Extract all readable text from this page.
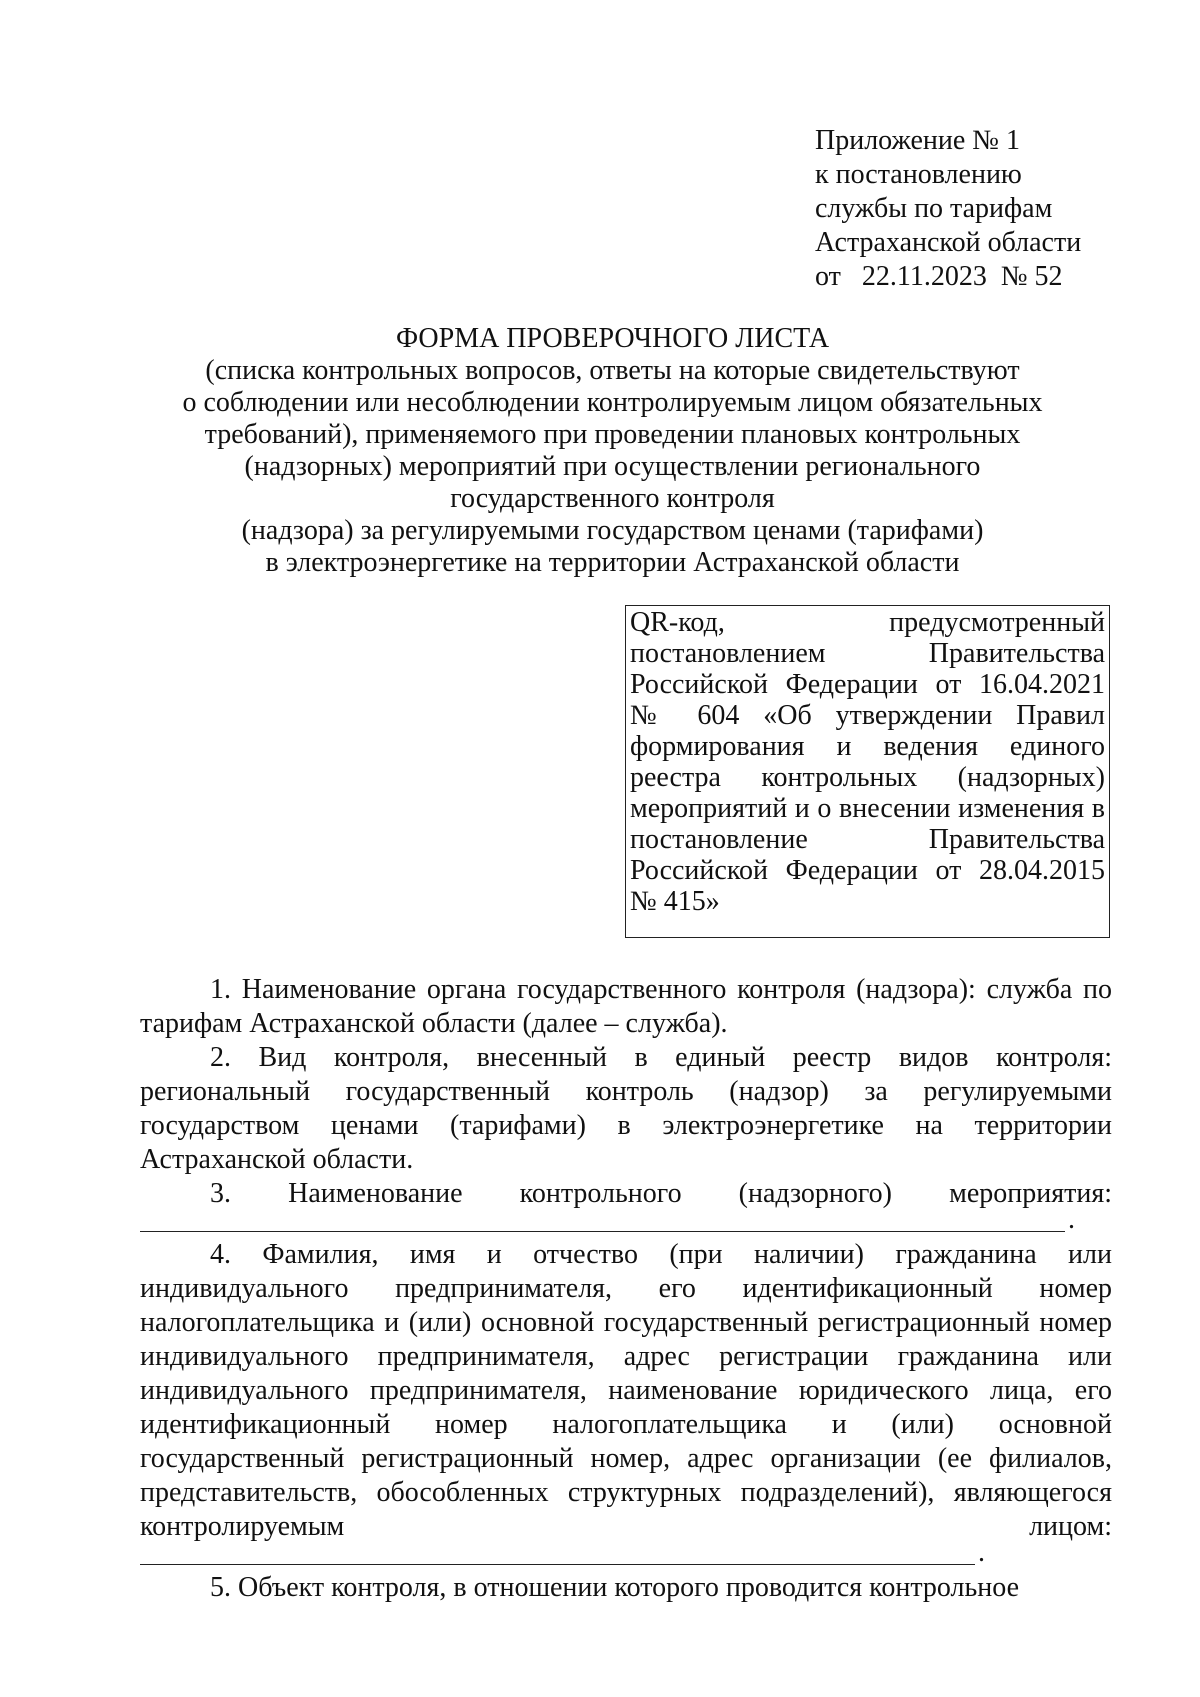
Приложение № 1
к постановлению
службы по тарифам
Астраханской области
от   22.11.2023  № 52
ФОРМА ПРОВЕРОЧНОГО ЛИСТА
(списка контрольных вопросов, ответы на которые свидетельствуют
о соблюдении или несоблюдении контролируемым лицом обязательных
требований), применяемого при проведении плановых контрольных
(надзорных) мероприятий при осуществлении регионального
государственного контроля
(надзора) за регулируемыми государством ценами (тарифами)
в электроэнергетике на территории Астраханской области
QR-код, предусмотренный
постановлением Правительства
Российской Федерации от 16.04.2021
№ 604 «Об утверждении Правил
формирования и ведения единого
реестра контрольных (надзорных)
мероприятий и о внесении изменения в
постановление Правительства
Российской Федерации от 28.04.2015
№ 415»

1. Наименование органа государственного контроля (надзора): служба по тарифам Астраханской области (далее – служба).

2. Вид контроля, внесенный в единый реестр видов контроля: региональный государственный контроль (надзор) за регулируемыми государством ценами (тарифами) в электроэнергетике на территории Астраханской области.

3. Наименование контрольного (надзорного) мероприятия:

.

4. Фамилия, имя и отчество (при наличии) гражданина или индивидуального предпринимателя, его идентификационный номер налогоплательщика и (или) основной государственный регистрационный номер индивидуального предпринимателя, адрес регистрации гражданина или индивидуального предпринимателя, наименование юридического лица, его идентификационный номер налогоплательщика и (или) основной государственный регистрационный номер, адрес организации (ее филиалов, представительств, обособленных структурных подразделений), являющегося контролируемым лицом:

.

5. Объект контроля, в отношении которого проводится контрольное
